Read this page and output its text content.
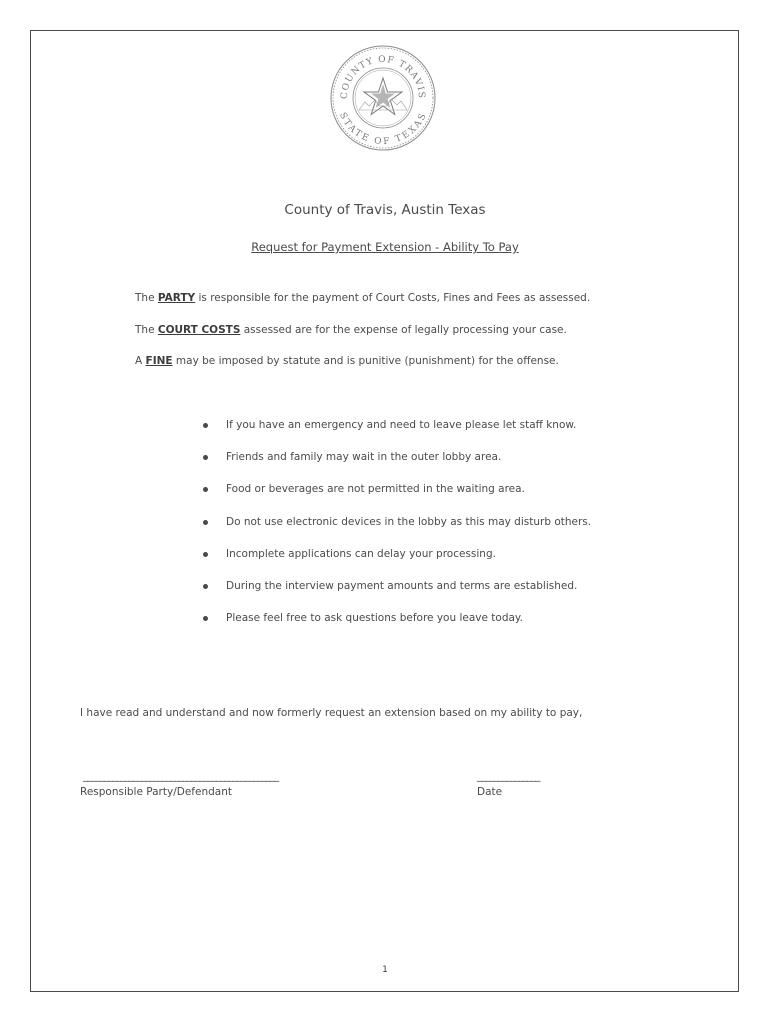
COUNTY OF TRAVIS
STATE OF TEXAS
County of Travis, Austin Texas
Request for Payment Extension - Ability To Pay
The PARTY is responsible for the payment of Court Costs, Fines and Fees as assessed.
The COURT COSTS assessed are for the expense of legally processing your case.
A FINE may be imposed by statute and is punitive (punishment) for the offense.
If you have an emergency and need to leave please let staff know.
Friends and family may wait in the outer lobby area.
Food or beverages are not permitted in the waiting area.
Do not use electronic devices in the lobby as this may disturb others.
Incomplete applications can delay your processing.
During the interview payment amounts and terms are established.
Please feel free to ask questions before you leave today.
I have read and understand and now formerly request an extension based on my ability to pay,
_______________________________________________
Responsible Party/Defendant
_______________
Date
1
